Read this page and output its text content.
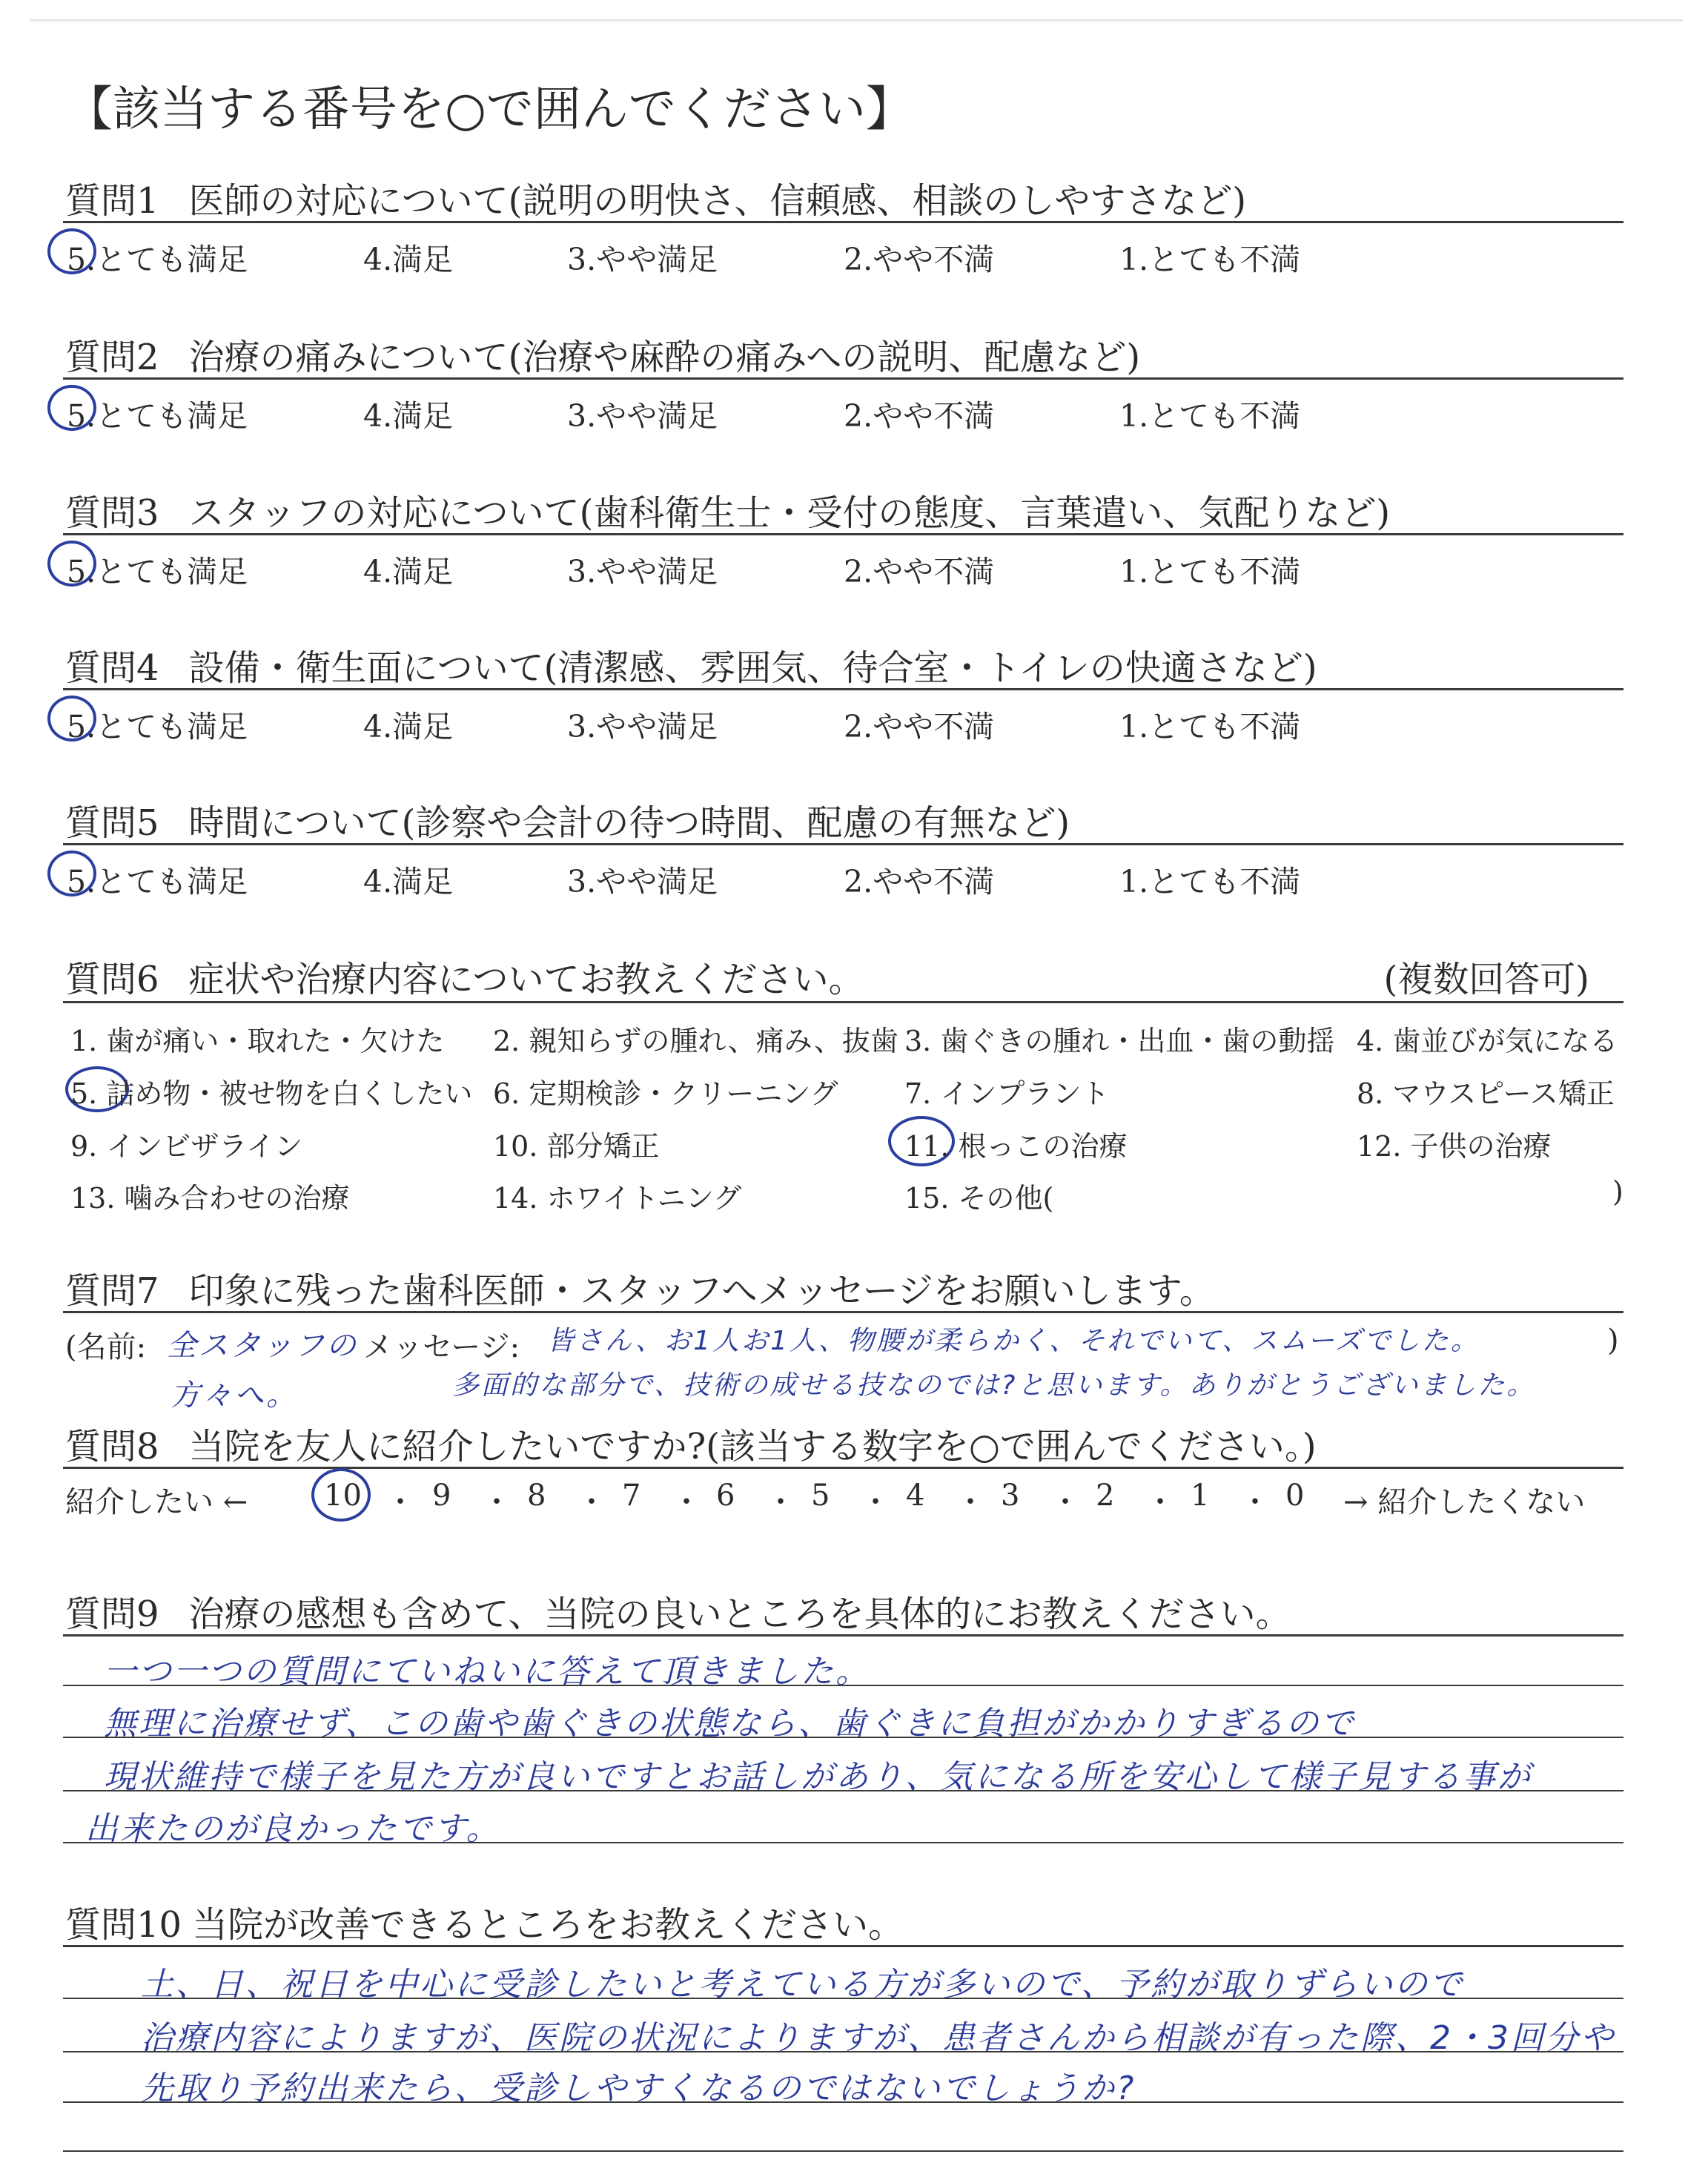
【該当する番号を○で囲んでください】
質問1 医師の対応について(説明の明快さ、信頼感、相談のしやすさなど)
5.とても満足	4.満足	3.やや満足	2.やや不満	1.とても不満
質問2 治療の痛みについて(治療や麻酔の痛みへの説明、配慮など)
5.とても満足	4.満足	3.やや満足	2.やや不満	1.とても不満
質問3 スタッフの対応について(歯科衛生士・受付の態度、言葉遣い、気配りなど)
5.とても満足	4.満足	3.やや満足	2.やや不満	1.とても不満
質問4 設備・衛生面について(清潔感、雰囲気、待合室・トイレの快適さなど)
5.とても満足	4.満足	3.やや満足	2.やや不満	1.とても不満
質問5 時間について(診察や会計の待つ時間、配慮の有無など)
5.とても満足	4.満足	3.やや満足	2.やや不満	1.とても不満
質問6 症状や治療内容についてお教えください。	(複数回答可)
1. 歯が痛い・取れた・欠けた 2. 親知らずの腫れ、痛み、抜歯 3. 歯ぐきの腫れ・出血・歯の動揺 4. 歯並びが気になる
5. 詰め物・被せ物を白くしたい 6. 定期検診・クリーニング 7. インプラント	8. マウスピース矯正
9. インビザライン	10. 部分矯正	11. 根っこの治療	12. 子供の治療
13. 噛み合わせの治療	14. ホワイトニング	15. その他(	)
質問7 印象に残った歯科医師・スタッフへメッセージをお願いします。
(名前: 全スタッフの
方々へ。
メッセージ: 皆さん、お1人お1人、物腰が柔らかく、それでいて、スムーズでした。
多面的な部分で、技術の成せる技なのでは?と思います。ありがとうございました。
)
質問8 当院を友人に紹介したいですか?(該当する数字を○で囲んでください。)
紹介したい ←	10 ・ 9 ・ 8 ・ 7 ・ 6 ・ 5 ・ 4 ・ 3 ・ 2 ・ 1 ・ 0 → 紹介したくない
質問9 治療の感想も含めて、当院の良いところを具体的にお教えください。
一つ一つの質問にていねいに答えて頂きました。
無理に治療せず、この歯や歯ぐきの状態なら、歯ぐきに負担がかかりすぎるので
現状維持で様子を見た方が良いですとお話しがあり、気になる所を安心して様子見する事が
出来たのが良かったです。
質問10 当院が改善できるところをお教えください。
土、日、祝日を中心に受診したいと考えている方が多いので、予約が取りずらいので
治療内容によりますが、医院の状況によりますが、患者さんから相談が有った際、2・3回分や
先取り予約出来たら、受診しやすくなるのではないでしょうか?
